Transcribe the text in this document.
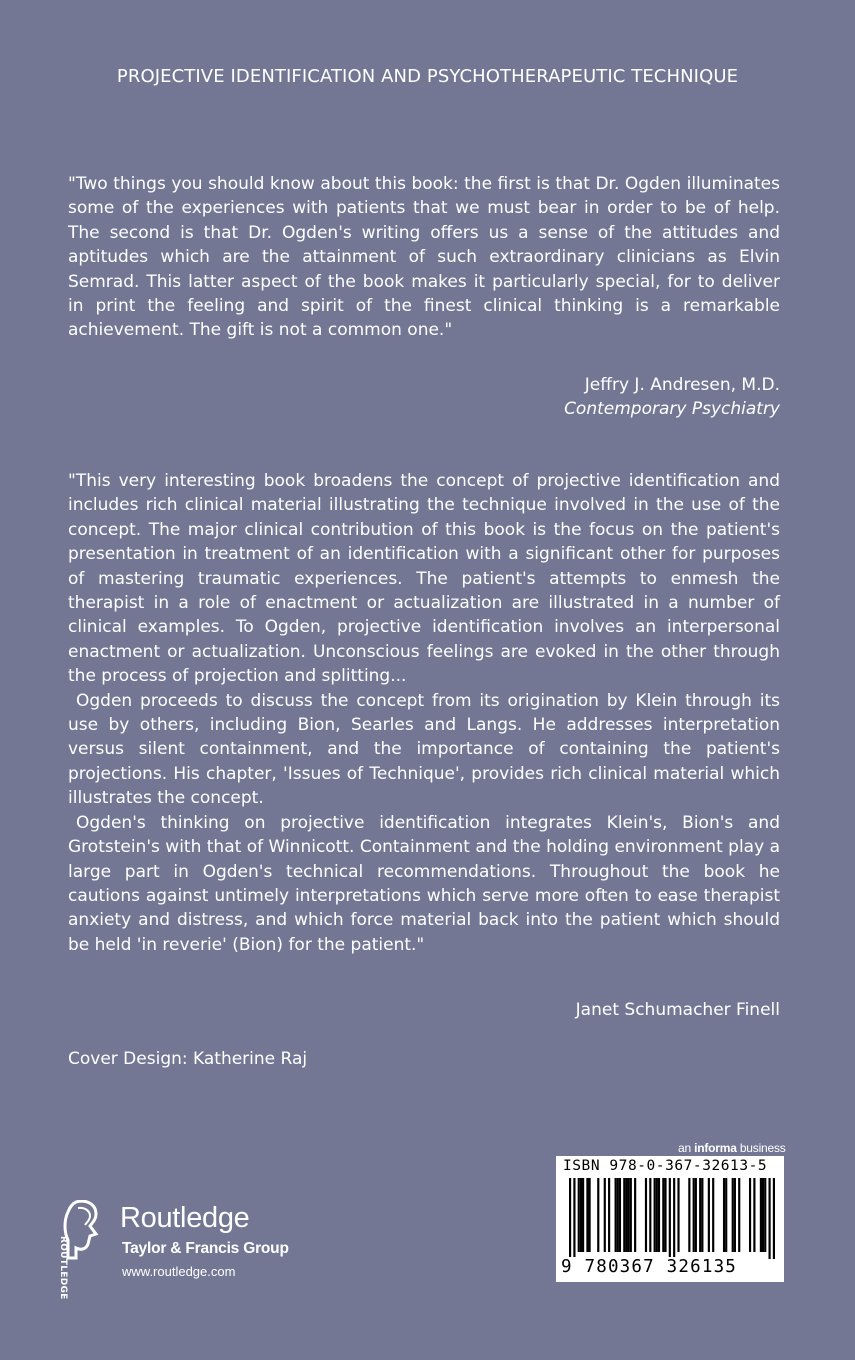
PROJECTIVE IDENTIFICATION AND PSYCHOTHERAPEUTIC TECHNIQUE

"Two things you should know about this book: the first is that Dr. Ogden illuminates some of the experiences with patients that we must bear in order to be of help. The second is that Dr. Ogden's writing offers us a sense of the attitudes and aptitudes which are the attainment of such extraordinary clinicians as Elvin Semrad. This latter aspect of the book makes it particularly special, for to deliver in print the feeling and spirit of the finest clinical thinking is a remarkable achievement. The gift is not a common one."

Jeffry J. Andresen, M.D.
Contemporary Psychiatry

"This very interesting book broadens the concept of projective identification and includes rich clinical material illustrating the technique involved in the use of the concept. The major clinical contribution of this book is the focus on the patient's presentation in treatment of an identification with a significant other for purposes of mastering traumatic experiences. The patient's attempts to enmesh the therapist in a role of enactment or actualization are illustrated in a number of clinical examples. To Ogden, projective identification involves an interpersonal enactment or actualization. Unconscious feelings are evoked in the other through the process of projection and splitting...

Ogden proceeds to discuss the concept from its origination by Klein through its use by others, including Bion, Searles and Langs. He addresses interpretation versus silent containment, and the importance of containing the patient's projections. His chapter, 'Issues of Technique', provides rich clinical material which illustrates the concept.

Ogden's thinking on projective identification integrates Klein's, Bion's and Grotstein's with that of Winnicott. Containment and the holding environment play a large part in Ogden's technical recommendations. Throughout the book he cautions against untimely interpretations which serve more often to ease therapist anxiety and distress, and which force material back into the patient which should be held 'in reverie' (Bion) for the patient."

Janet Schumacher Finell
Cover Design: Katherine Raj
ROUTLEDGE
Routledge
Taylor & Francis Group
www.routledge.com
an informa business
ISBN 978-0-367-32613-5
9 780367 326135
